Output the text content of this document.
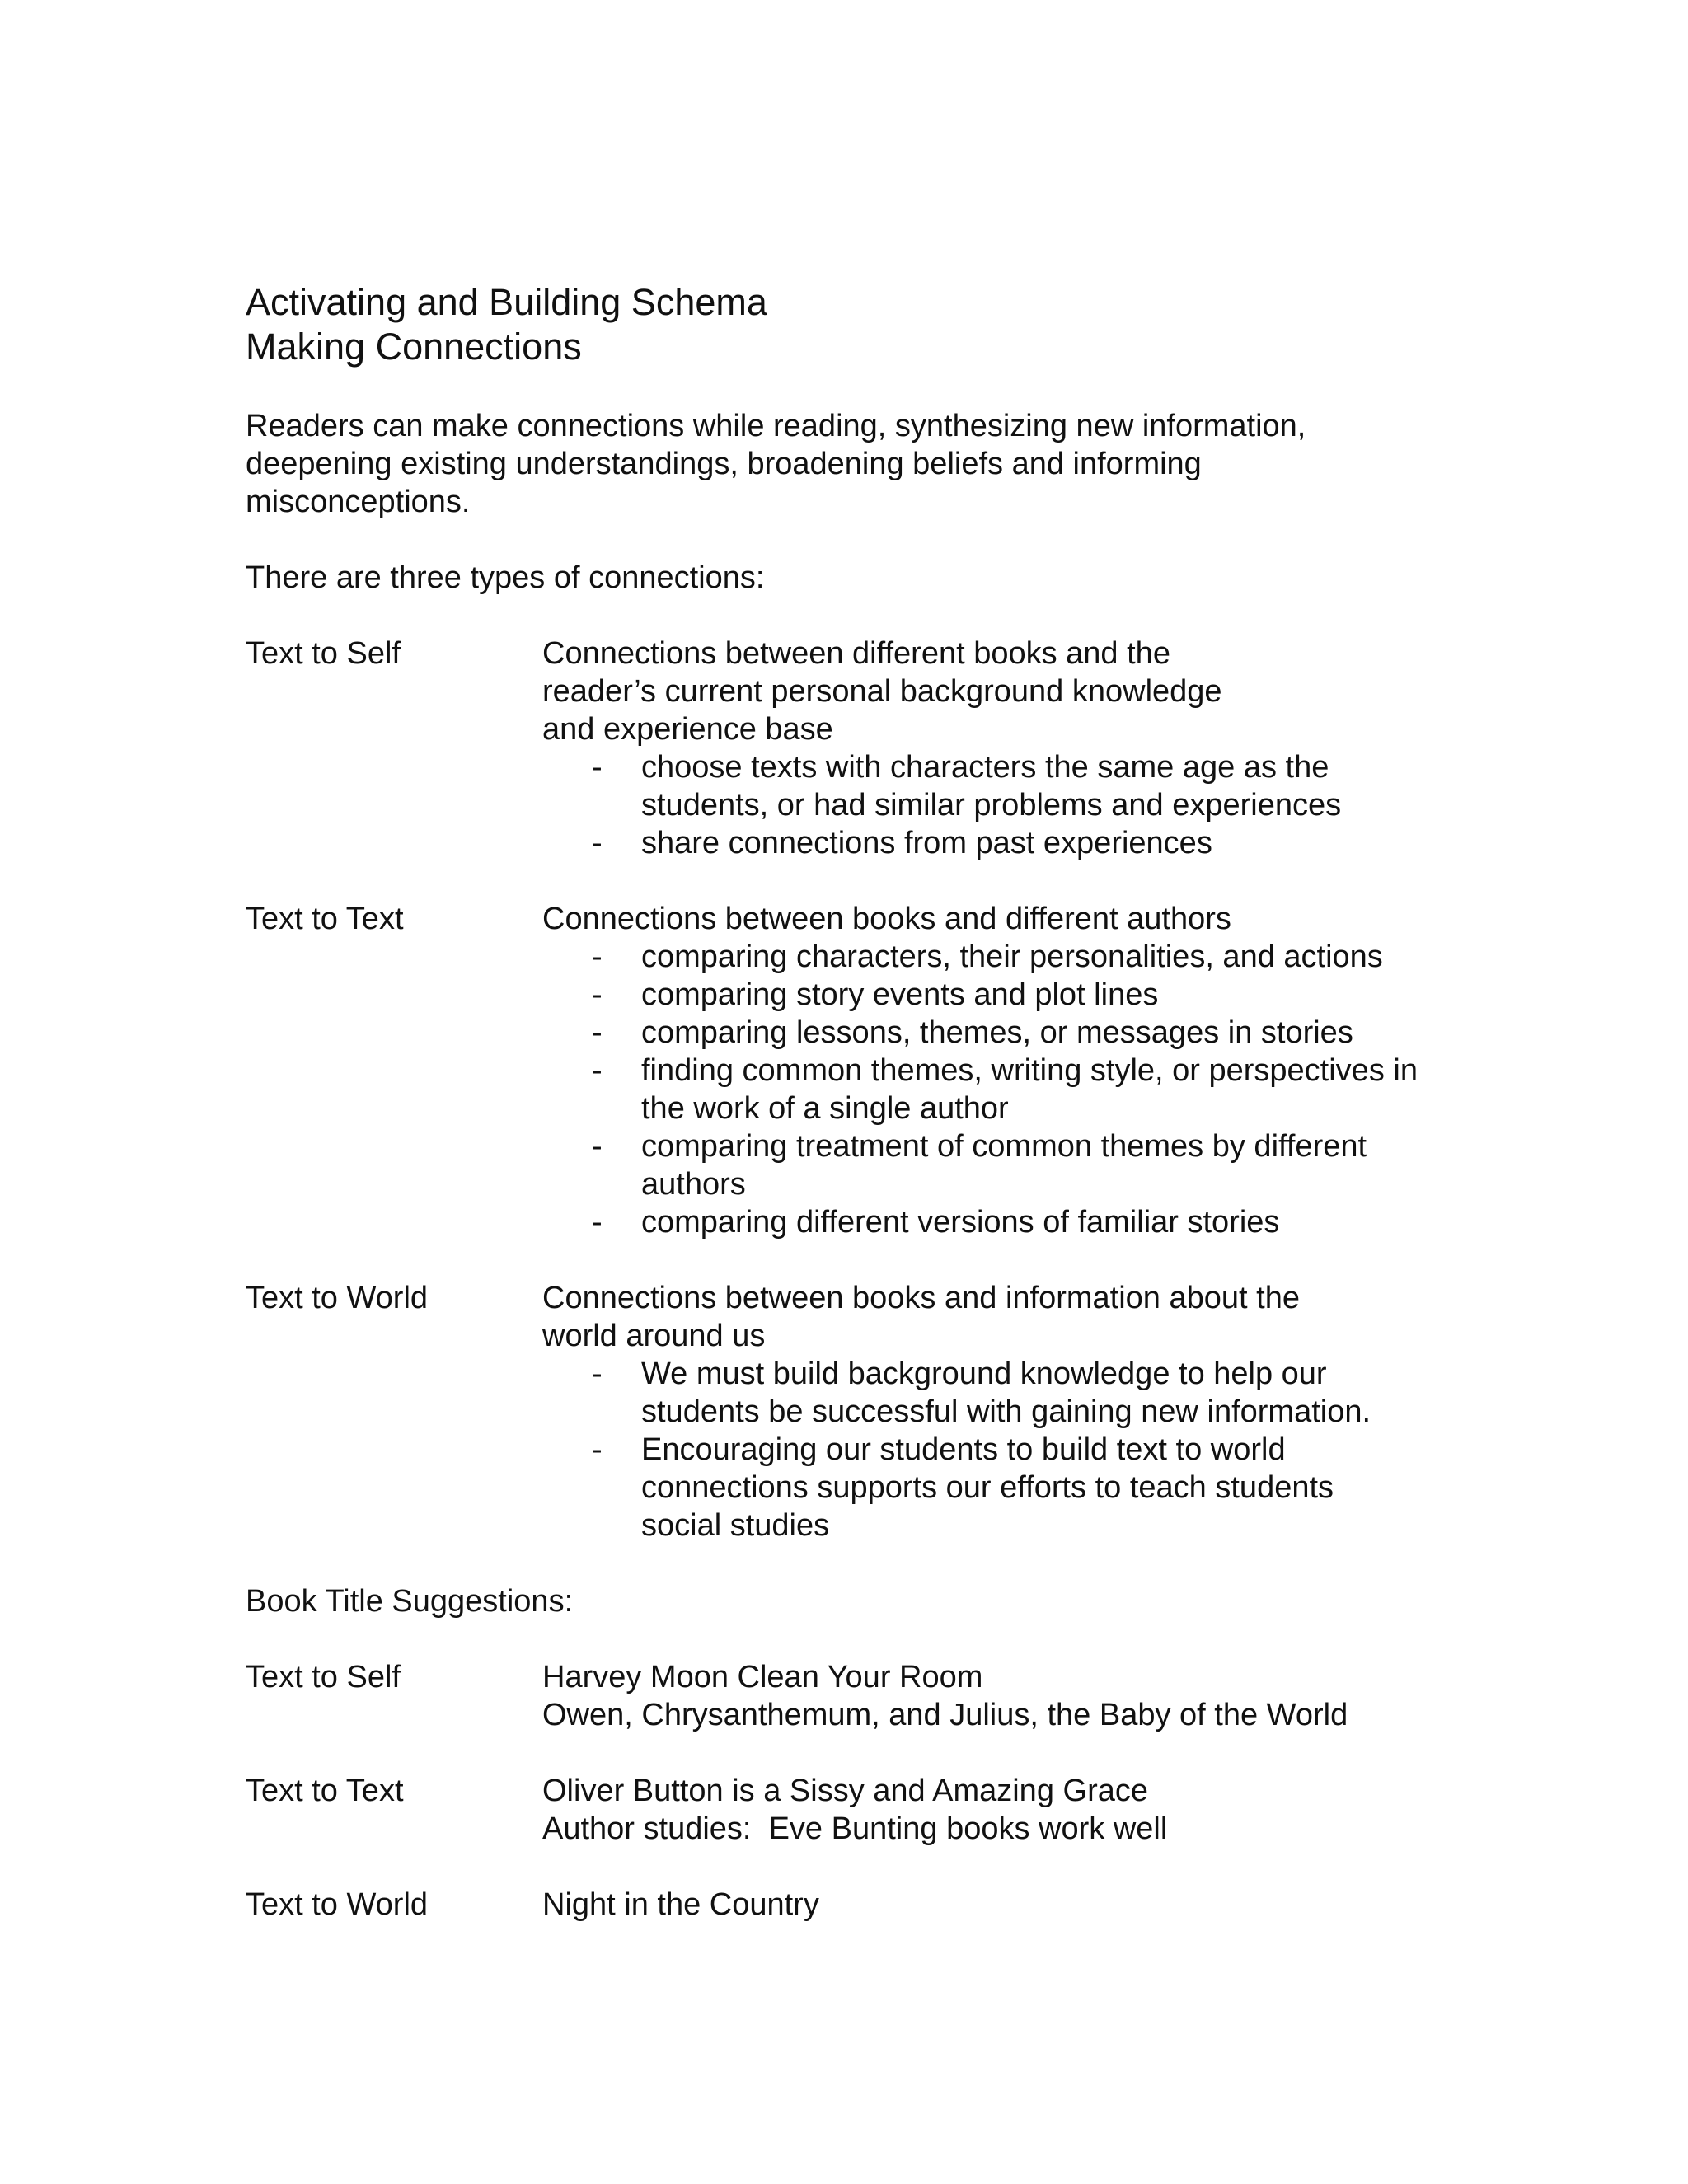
Activating and Building Schema
Making Connections

Readers can make connections while reading, synthesizing new information, deepening existing understandings, broadening beliefs and informing misconceptions.

There are three types of connections:

Text to Self	Connections between different books and the reader’s current personal background knowledge and experience base

- choose texts with characters the same age as the students, or had similar problems and experiences
- share connections from past experiences
Text to Text	Connections between books and different authors

- comparing characters, their personalities, and actions
- comparing story events and plot lines
- comparing lessons, themes, or messages in stories
- finding common themes, writing style, or perspectives in the work of a single author
- comparing treatment of common themes by different authors
- comparing different versions of familiar stories
Text to World	Connections between books and information about the world around us

- We must build background knowledge to help our students be successful with gaining new information.
- Encouraging our students to build text to world connections supports our efforts to teach students social studies

Book Title Suggestions:

Text to Self	Harvey Moon Clean Your Room

Owen, Chrysanthemum, and Julius, the Baby of the World

Text to Text	Oliver Button is a Sissy and Amazing Grace

Author studies:  Eve Bunting books work well

Text to World	Night in the Country
